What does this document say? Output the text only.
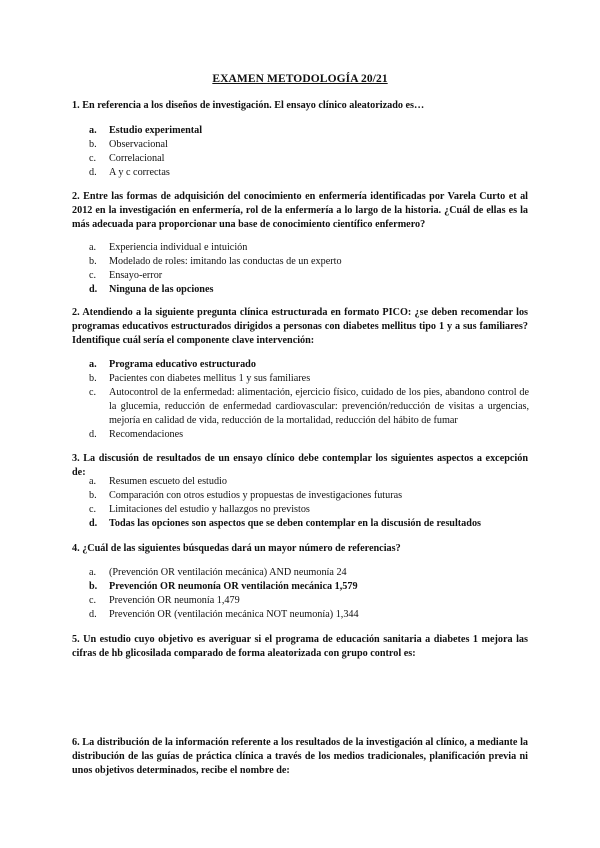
EXAMEN METODOLOGÍA 20/21
1. En referencia a los diseños de investigación. El ensayo clínico aleatorizado es…
a. Estudio experimental
b. Observacional
c. Correlacional
d. A y c correctas
2. Entre las formas de adquisición del conocimiento en enfermería identificadas por Varela Curto et al 2012 en la investigación en enfermería, rol de la enfermería a lo largo de la historia. ¿Cuál de ellas es la más adecuada para proporcionar una base de conocimiento científico enfermero?
a. Experiencia individual e intuición
b. Modelado de roles: imitando las conductas de un experto
c. Ensayo-error
d. Ninguna de las opciones
2. Atendiendo a la siguiente pregunta clínica estructurada en formato PICO: ¿se deben recomendar los programas educativos estructurados dirigidos a personas con diabetes mellitus tipo 1 y a sus familiares? Identifique cuál sería el componente clave intervención:
a. Programa educativo estructurado
b. Pacientes con diabetes mellitus 1 y sus familiares
c. Autocontrol de la enfermedad: alimentación, ejercicio físico, cuidado de los pies, abandono control de la glucemia, reducción de enfermedad cardiovascular: prevención/reducción de visitas a urgencias, mejoría en calidad de vida, reducción de la mortalidad, reducción del hábito de fumar
d. Recomendaciones
3. La discusión de resultados de un ensayo clínico debe contemplar los siguientes aspectos a excepción de:
a. Resumen escueto del estudio
b. Comparación con otros estudios y propuestas de investigaciones futuras
c. Limitaciones del estudio y hallazgos no previstos
d. Todas las opciones son aspectos que se deben contemplar en la discusión de resultados
4. ¿Cuál de las siguientes búsquedas dará un mayor número de referencias?
a. (Prevención OR ventilación mecánica) AND neumonía 24
b. Prevención OR neumonía OR ventilación mecánica 1,579
c. Prevención OR neumonía 1,479
d. Prevención OR (ventilación mecánica NOT neumonía) 1,344
5. Un estudio cuyo objetivo es averiguar si el programa de educación sanitaria a diabetes 1 mejora las cifras de hb glicosilada comparado de forma aleatorizada con grupo control es:
6. La distribución de la información referente a los resultados de la investigación al clínico, a mediante la distribución de las guías de práctica clínica a través de los medios tradicionales, planificación previa ni unos objetivos determinados, recibe el nombre de:
